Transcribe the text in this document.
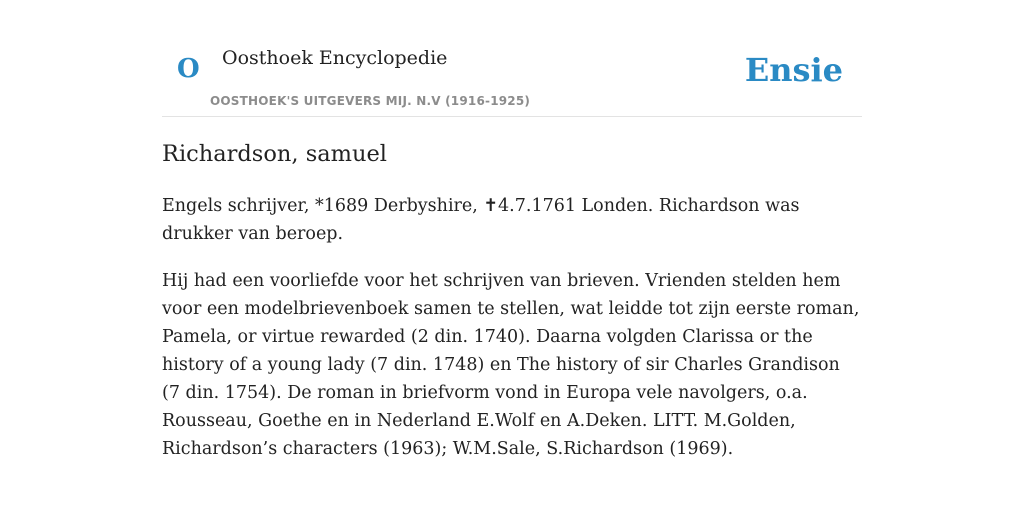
O Oosthoek Encyclopedie
OOSTHOEK'S UITGEVERS MIJ. N.V (1916-1925)
Ensie
Richardson, samuel

Engels schrijver, *1689 Derbyshire, ✝4.7.1761 Londen. Richardson was drukker van beroep.

Hij had een voorliefde voor het schrijven van brieven. Vrienden stelden hem voor een modelbrievenboek samen te stellen, wat leidde tot zijn eerste roman, Pamela, or virtue rewarded (2 din. 1740). Daarna volgden Clarissa or the history of a young lady (7 din. 1748) en The history of sir Charles Grandison (7 din. 1754). De roman in briefvorm vond in Europa vele navolgers, o.a. Rousseau, Goethe en in Nederland E.Wolf en A.Deken. LITT. M.Golden, Richardson’s characters (1963); W.M.Sale, S.Richardson (1969).
